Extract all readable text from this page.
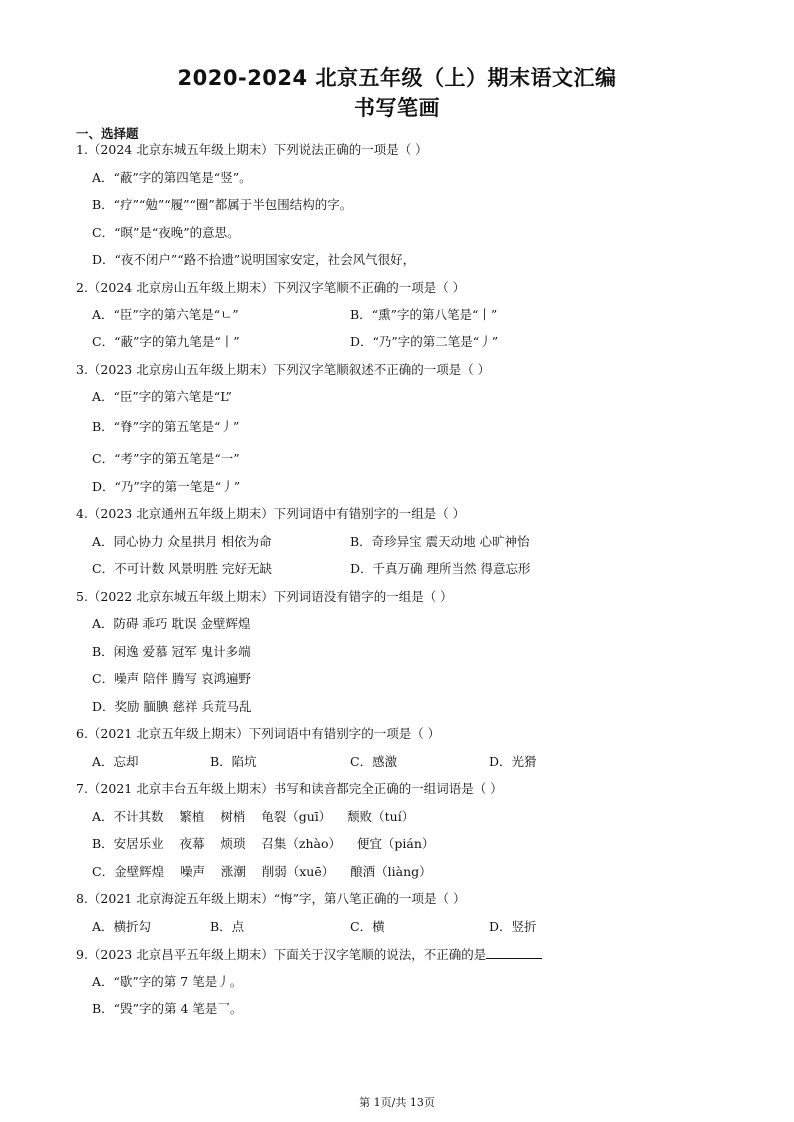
2020-2024 北京五年级（上）期末语文汇编
书写笔画
一、选择题
1.（2024 北京东城五年级上期末）下列说法正确的一项是（ ）
A．“蔽”字的第四笔是“竖”。
B．“疗”“勉”“履”“圈”都属于半包围结构的字。
C．“暝”是“夜晚”的意思。
D．“夜不闭户”“路不拾遗”说明国家安定，社会风气很好，
2.（2024 北京房山五年级上期末）下列汉字笔顺不正确的一项是（ ）
A．“臣”字的第六笔是“ㄴ”	B．“熏”字的第八笔是“丨”
C．“蔽”字的第九笔是“丨”	D．“乃”字的第二笔是“丿”
3.（2023 北京房山五年级上期末）下列汉字笔顺叙述不正确的一项是（ ）
A．“臣”字的第六笔是“L”
B．“脊”字的第五笔是“丿”
C．“考”字的第五笔是“一”
D．“乃”字的第一笔是“丿”
4.（2023 北京通州五年级上期末）下列词语中有错别字的一组是（ ）
A．同心协力 众星拱月 相依为命	B．奇珍异宝 震天动地 心旷神怡
C．不可计数 风景明胜 完好无缺	D．千真万确 理所当然 得意忘形
5.（2022 北京东城五年级上期末）下列词语没有错字的一组是（ ）
A．防碍 乖巧 耽误 金壁辉煌
B．闲逸 爱慕 冠军 鬼计多端
C．噪声 陪伴 腾写 哀鸿遍野
D．奖励 腼腆 慈祥 兵荒马乱
6.（2021 北京五年级上期末）下列词语中有错别字的一项是（ ）
A．忘却	B．陷坑	C．感激	D．光猾
7.（2021 北京丰台五年级上期末）书写和读音都完全正确的一组词语是（ ）
A．不计其数    繁植    树梢    龟裂（guī）    颓败（tuí）
B．安居乐业    夜幕    烦琐    召集（zhào）    便宜（pián）
C．金壁辉煌    噪声    涨潮    削弱（xuē）    酿酒（liàng）
8.（2021 北京海淀五年级上期末）“悔”字，第八笔正确的一项是（ ）
A．横折勾	B．点	C．横	D．竖折
9.（2023 北京昌平五年级上期末）下面关于汉字笔顺的说法，不正确的是
A．“歇”字的第 7 笔是丿。
B．“毁”字的第 4 笔是乛。
第 1页/共 13页
